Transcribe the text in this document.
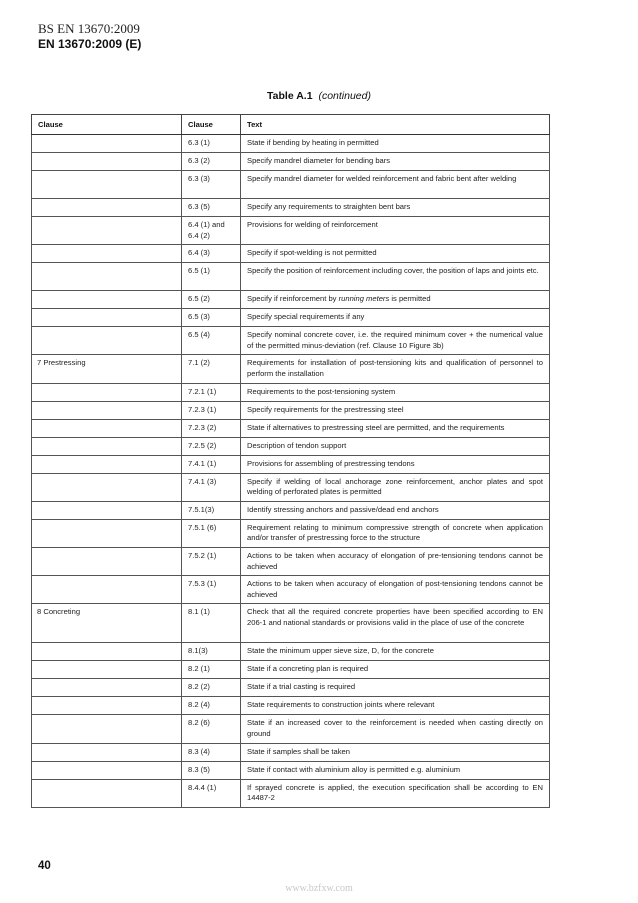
BS EN 13670:2009
EN 13670:2009 (E)
Table A.1 (continued)
Clause	Clause	Text
	6.3 (1)	State if bending by heating in permitted
	6.3 (2)	Specify mandrel diameter for bending bars
	6.3 (3)	Specify mandrel diameter for welded reinforcement and fabric bent after welding
	6.3 (5)	Specify any requirements to straighten bent bars
	6.4 (1) and 6.4 (2)	Provisions for welding of reinforcement
	6.4 (3)	Specify if spot-welding is not permitted
	6.5 (1)	Specify the position of reinforcement including cover, the position of laps and joints etc.
	6.5 (2)	Specify if reinforcement by running meters is permitted
	6.5 (3)	Specify special requirements if any
	6.5 (4)	Specify nominal concrete cover, i.e. the required minimum cover + the numerical value of the permitted minus-deviation (ref. Clause 10 Figure 3b)
7 Prestressing	7.1 (2)	Requirements for installation of post-tensioning kits and qualification of personnel to perform the installation
	7.2.1 (1)	Requirements to the post-tensioning system
	7.2.3 (1)	Specify requirements for the prestressing steel
	7.2.3 (2)	State if alternatives to prestressing steel are permitted, and the requirements
	7.2.5 (2)	Description of tendon support
	7.4.1 (1)	Provisions for assembling of prestressing tendons
	7.4.1 (3)	Specify if welding of local anchorage zone reinforcement, anchor plates and spot welding of perforated plates is permitted
	7.5.1(3)	Identify stressing anchors and passive/dead end anchors
	7.5.1 (6)	Requirement relating to minimum compressive strength of concrete when application and/or transfer of prestressing force to the structure
	7.5.2 (1)	Actions to be taken when accuracy of elongation of pre-tensioning tendons cannot be achieved
	7.5.3 (1)	Actions to be taken when accuracy of elongation of post-tensioning tendons cannot be achieved
8 Concreting	8.1 (1)	Check that all the required concrete properties have been specified according to EN 206-1 and national standards or provisions valid in the place of use of the concrete
	8.1(3)	State the minimum upper sieve size, D, for the concrete
	8.2 (1)	State if a concreting plan is required
	8.2 (2)	State if a trial casting is required
	8.2 (4)	State requirements to construction joints where relevant
	8.2 (6)	State if an increased cover to the reinforcement is needed when casting directly on ground
	8.3 (4)	State if samples shall be taken
	8.3 (5)	State if contact with aluminium alloy is permitted e.g. aluminium
	8.4.4 (1)	If sprayed concrete is applied, the execution specification shall be according to EN 14487-2
40
www.bzfxw.com
